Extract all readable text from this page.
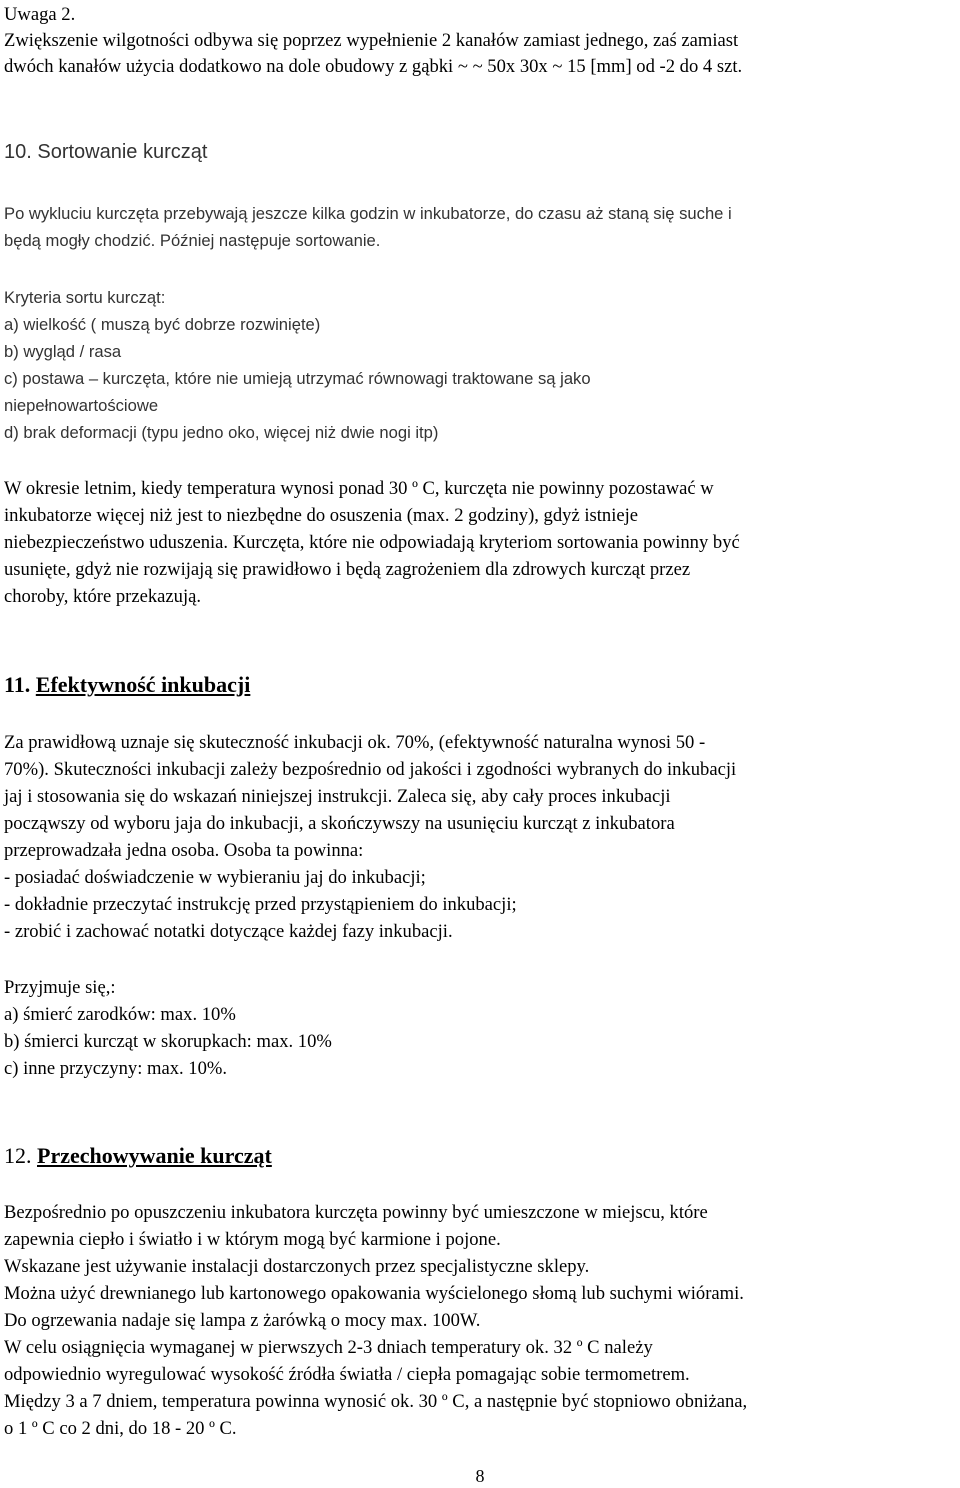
Uwaga 2.
Zwiększenie wilgotności odbywa się poprzez wypełnienie 2 kanałów zamiast jednego, zaś zamiast
dwóch kanałów użycia dodatkowo na dole obudowy z gąbki ~ ~ 50x 30x ~ 15 [mm] od -2 do 4 szt.
10. Sortowanie kurcząt
Po wykluciu kurczęta przebywają jeszcze kilka godzin w inkubatorze, do czasu aż staną się suche i
będą mogły chodzić. Później następuje sortowanie.
Kryteria sortu kurcząt:
a) wielkość ( muszą być dobrze rozwinięte)
b) wygląd / rasa
c) postawa – kurczęta, które nie umieją utrzymać równowagi traktowane są jako
niepełnowartościowe
d) brak deformacji (typu jedno oko, więcej niż dwie nogi itp)
W okresie letnim, kiedy temperatura wynosi ponad 30 º C, kurczęta nie powinny pozostawać w
inkubatorze więcej niż jest to niezbędne do osuszenia (max. 2 godziny), gdyż istnieje
niebezpieczeństwo uduszenia. Kurczęta, które nie odpowiadają kryteriom sortowania powinny być
usunięte, gdyż nie rozwijają się prawidłowo i będą zagrożeniem dla zdrowych kurcząt przez
choroby, które przekazują.
11. Efektywność inkubacji
Za prawidłową uznaje się skuteczność inkubacji ok. 70%, (efektywność naturalna wynosi 50 -
70%). Skuteczności inkubacji zależy bezpośrednio od jakości i zgodności wybranych do inkubacji
jaj i stosowania się do wskazań niniejszej instrukcji. Zaleca się, aby cały proces inkubacji
począwszy od wyboru jaja do inkubacji, a skończywszy na usunięciu kurcząt z inkubatora
przeprowadzała jedna osoba. Osoba ta powinna:
- posiadać doświadczenie w wybieraniu jaj do inkubacji;
- dokładnie przeczytać instrukcję przed przystąpieniem do inkubacji;
- zrobić i zachować notatki dotyczące każdej fazy inkubacji.
Przyjmuje się,:
a) śmierć zarodków: max. 10%
b) śmierci kurcząt w skorupkach: max. 10%
c) inne przyczyny: max. 10%.
12. Przechowywanie kurcząt
Bezpośrednio po opuszczeniu inkubatora kurczęta powinny być umieszczone w miejscu, które
zapewnia ciepło i światło i w którym mogą być karmione i pojone.
Wskazane jest używanie instalacji dostarczonych przez specjalistyczne sklepy.
Można użyć drewnianego lub kartonowego opakowania wyścielonego słomą lub suchymi wiórami.
Do ogrzewania nadaje się lampa z żarówką o mocy max. 100W.
W celu osiągnięcia wymaganej w pierwszych 2-3 dniach temperatury ok. 32 º C należy
odpowiednio wyregulować wysokość źródła światła / ciepła pomagając sobie termometrem.
Między 3 a 7 dniem, temperatura powinna wynosić ok. 30 º C, a następnie być stopniowo obniżana,
o 1 º C co 2 dni, do 18 - 20 º C.
8
